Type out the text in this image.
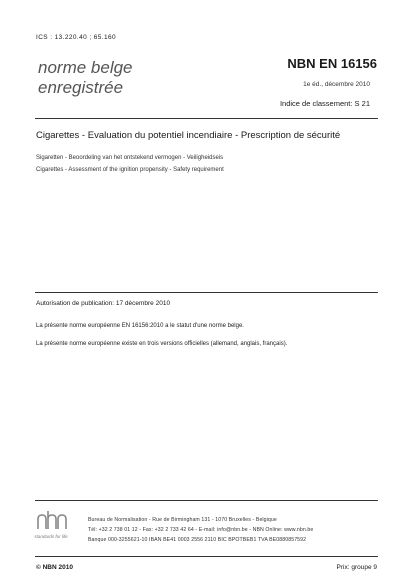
ICS : 13.220.40 ; 65.160
norme belge
enregistrée
NBN EN 16156
1e éd., décembre 2010
Indice de classement: S 21
Cigarettes - Evaluation du potentiel incendiaire - Prescription de sécurité
Sigaretten - Beoordeling van het ontstekend vermogen - Veiligheidseis
Cigarettes - Assessment of the ignition propensity - Safety requirement
Autorisation de publication: 17 décembre 2010
La présente norme européenne EN 16156:2010 a le statut d'une norme belge.
La présente norme européenne existe en trois versions officielles (allemand, anglais, français).
standards for life
Bureau de Normalisation - Rue de Birmingham 131 - 1070 Bruxelles - Belgique
Tél: +32 2 738 01 12 - Fax: +32 2 733 42 64 - E-mail: info@nbn.be - NBN Online: www.nbn.be
Banque 000-3255621-10 IBAN BE41 0003 2556 2110 BIC BPOTBEB1 TVA BE0880857592
© NBN 2010	Prix: groupe 9
